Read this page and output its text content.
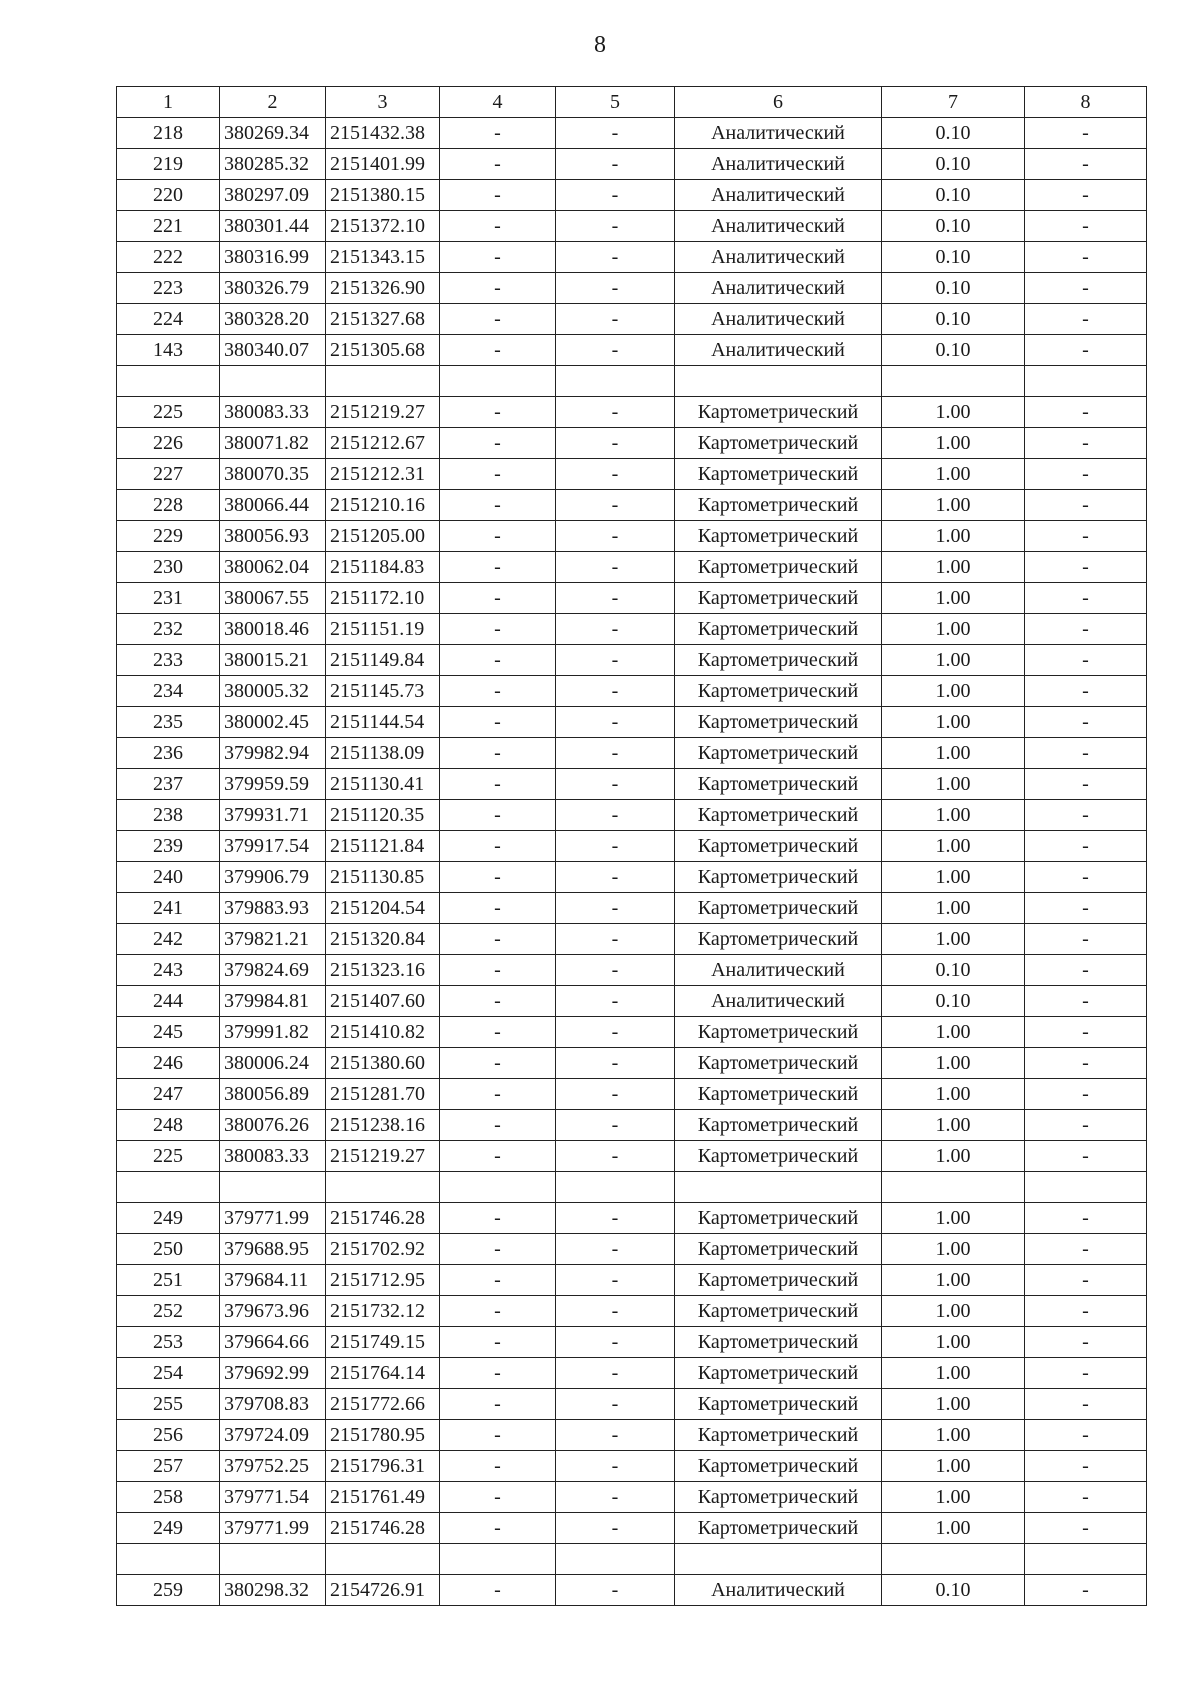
8
1	2	3	4	5	6	7	8
218	380269.34	2151432.38	-	-	Аналитический	0.10	-
219	380285.32	2151401.99	-	-	Аналитический	0.10	-
220	380297.09	2151380.15	-	-	Аналитический	0.10	-
221	380301.44	2151372.10	-	-	Аналитический	0.10	-
222	380316.99	2151343.15	-	-	Аналитический	0.10	-
223	380326.79	2151326.90	-	-	Аналитический	0.10	-
224	380328.20	2151327.68	-	-	Аналитический	0.10	-
143	380340.07	2151305.68	-	-	Аналитический	0.10	-

225	380083.33	2151219.27	-	-	Картометрический	1.00	-
226	380071.82	2151212.67	-	-	Картометрический	1.00	-
227	380070.35	2151212.31	-	-	Картометрический	1.00	-
228	380066.44	2151210.16	-	-	Картометрический	1.00	-
229	380056.93	2151205.00	-	-	Картометрический	1.00	-
230	380062.04	2151184.83	-	-	Картометрический	1.00	-
231	380067.55	2151172.10	-	-	Картометрический	1.00	-
232	380018.46	2151151.19	-	-	Картометрический	1.00	-
233	380015.21	2151149.84	-	-	Картометрический	1.00	-
234	380005.32	2151145.73	-	-	Картометрический	1.00	-
235	380002.45	2151144.54	-	-	Картометрический	1.00	-
236	379982.94	2151138.09	-	-	Картометрический	1.00	-
237	379959.59	2151130.41	-	-	Картометрический	1.00	-
238	379931.71	2151120.35	-	-	Картометрический	1.00	-
239	379917.54	2151121.84	-	-	Картометрический	1.00	-
240	379906.79	2151130.85	-	-	Картометрический	1.00	-
241	379883.93	2151204.54	-	-	Картометрический	1.00	-
242	379821.21	2151320.84	-	-	Картометрический	1.00	-
243	379824.69	2151323.16	-	-	Аналитический	0.10	-
244	379984.81	2151407.60	-	-	Аналитический	0.10	-
245	379991.82	2151410.82	-	-	Картометрический	1.00	-
246	380006.24	2151380.60	-	-	Картометрический	1.00	-
247	380056.89	2151281.70	-	-	Картометрический	1.00	-
248	380076.26	2151238.16	-	-	Картометрический	1.00	-
225	380083.33	2151219.27	-	-	Картометрический	1.00	-

249	379771.99	2151746.28	-	-	Картометрический	1.00	-
250	379688.95	2151702.92	-	-	Картометрический	1.00	-
251	379684.11	2151712.95	-	-	Картометрический	1.00	-
252	379673.96	2151732.12	-	-	Картометрический	1.00	-
253	379664.66	2151749.15	-	-	Картометрический	1.00	-
254	379692.99	2151764.14	-	-	Картометрический	1.00	-
255	379708.83	2151772.66	-	-	Картометрический	1.00	-
256	379724.09	2151780.95	-	-	Картометрический	1.00	-
257	379752.25	2151796.31	-	-	Картометрический	1.00	-
258	379771.54	2151761.49	-	-	Картометрический	1.00	-
249	379771.99	2151746.28	-	-	Картометрический	1.00	-

259	380298.32	2154726.91	-	-	Аналитический	0.10	-
